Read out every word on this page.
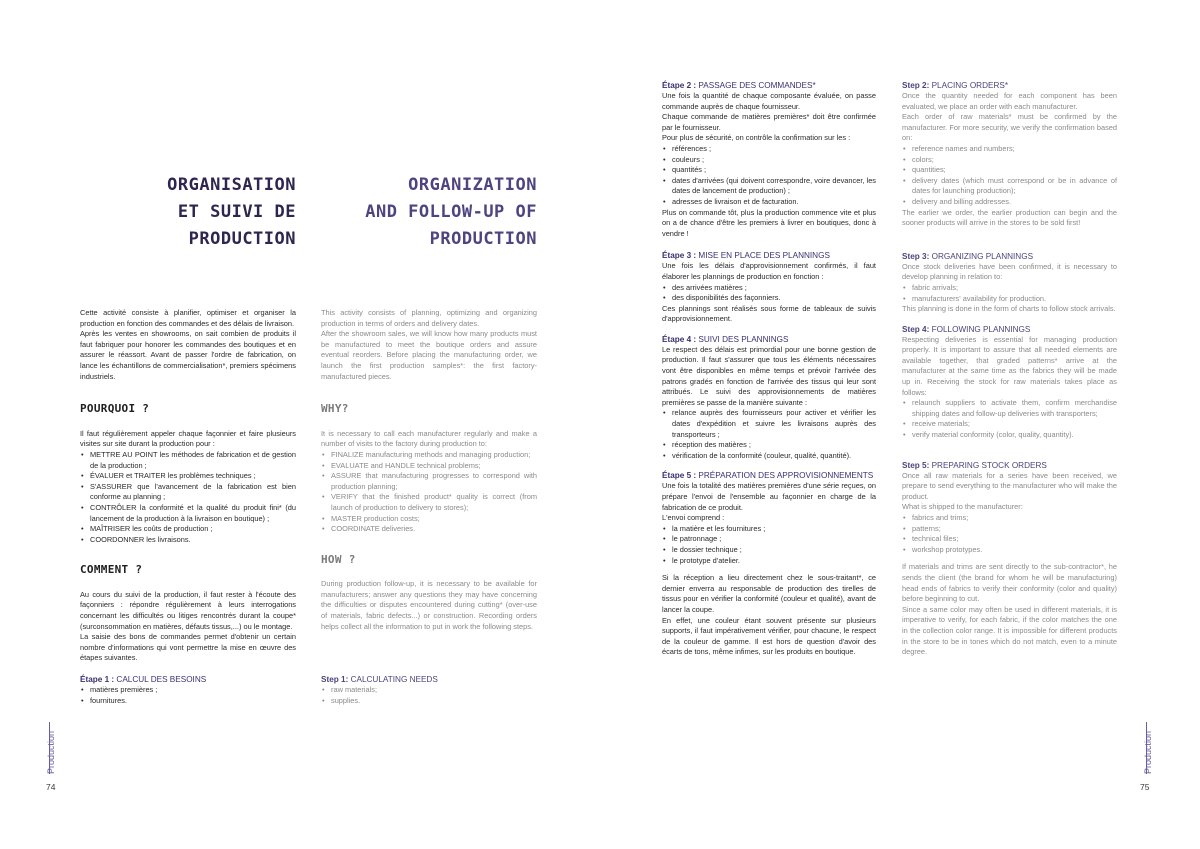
ORGANISATION
ET SUIVI DE
PRODUCTION
ORGANIZATION
AND FOLLOW-UP OF
PRODUCTION

Cette activité consiste à planifier, optimiser et organiser la production en fonction des commandes et des délais de livraison.

Après les ventes en showrooms, on sait combien de produits il faut fabriquer pour honorer les commandes des boutiques et en assurer le réassort. Avant de passer l'ordre de fabrication, on lance les échantillons de commercialisation*, premiers spécimens industriels.

POURQUOI ?

Il faut régulièrement appeler chaque façonnier et faire plusieurs visites sur site durant la production pour :

• METTRE AU POINT les méthodes de fabrication et de gestion de la production ;
• ÉVALUER et TRAITER les problèmes techniques ;
• S'ASSURER que l'avancement de la fabrication est bien conforme au planning ;
• CONTRÔLER la conformité et la qualité du produit fini* (du lancement de la production à la livraison en boutique) ;
• MAÎTRISER les coûts de production ;
• COORDONNER les livraisons.
COMMENT ?

Au cours du suivi de la production, il faut rester à l'écoute des façonniers : répondre régulièrement à leurs interrogations concernant les difficultés ou litiges rencontrés durant la coupe* (surconsommation en matières, défauts tissus,...) ou le montage.

La saisie des bons de commandes permet d'obtenir un certain nombre d'informations qui vont permettre la mise en œuvre des étapes suivantes.

Étape 1 : CALCUL DES BESOINS
• matières premières ;
• fournitures.

This activity consists of planning, optimizing and organizing production in terms of orders and delivery dates.

After the showroom sales, we will know how many products must be manufactured to meet the boutique orders and assure eventual reorders. Before placing the manufacturing order, we launch the first production samples*: the first factory-manufactured pieces.

WHY?

It is necessary to call each manufacturer regularly and make a number of visits to the factory during production to:

• FINALIZE manufacturing methods and managing production;
• EVALUATE and HANDLE technical problems;
• ASSURE that manufacturing progresses to correspond with production planning;
• VERIFY that the finished product* quality is correct (from launch of production to delivery to stores);
• MASTER production costs;
• COORDINATE deliveries.
HOW ?

During production follow-up, it is necessary to be available for manufacturers; answer any questions they may have concerning the difficulties or disputes encountered during cutting* (over-use of materials, fabric defects...) or construction. Recording orders helps collect all the information to put in work the following steps.

Step 1: CALCULATING NEEDS
• raw materials;
• supplies.
Production
74
Étape 2 : PASSAGE DES COMMANDES*

Une fois la quantité de chaque composante évaluée, on passe commande auprès de chaque fournisseur.

Chaque commande de matières premières* doit être confirmée par le fournisseur.

Pour plus de sécurité, on contrôle la confirmation sur les :

• références ;
• couleurs ;
• quantités ;
• dates d'arrivées (qui doivent correspondre, voire devancer, les dates de lancement de production) ;
• adresses de livraison et de facturation.

Plus on commande tôt, plus la production commence vite et plus on a de chance d'être les premiers à livrer en boutiques, donc à vendre !

Étape 3 : MISE EN PLACE DES PLANNINGS

Une fois les délais d'approvisionnement confirmés, il faut élaborer les plannings de production en fonction :

• des arrivées matières ;
• des disponibilités des façonniers.

Ces plannings sont réalisés sous forme de tableaux de suivis d'approvisionnement.

Étape 4 : SUIVI DES PLANNINGS

Le respect des délais est primordial pour une bonne gestion de production. Il faut s'assurer que tous les éléments nécessaires vont être disponibles en même temps et prévoir l'arrivée des patrons gradés en fonction de l'arrivée des tissus qui leur sont attribués. Le suivi des approvisionnements de matières premières se passe de la manière suivante :

• relance auprès des fournisseurs pour activer et vérifier les dates d'expédition et suivre les livraisons auprès des transporteurs ;
• réception des matières ;
• vérification de la conformité (couleur, qualité, quantité).
Étape 5 : PRÉPARATION DES APPROVISIONNEMENTS

Une fois la totalité des matières premières d'une série reçues, on prépare l'envoi de l'ensemble au façonnier en charge de la fabrication de ce produit.

L'envoi comprend :

• la matière et les fournitures ;
• le patronnage ;
• le dossier technique ;
• le prototype d'atelier.

Si la réception a lieu directement chez le sous-traitant*, ce dernier enverra au responsable de production des tirelles de tissus pour en vérifier la conformité (couleur et qualité), avant de lancer la coupe.

En effet, une couleur étant souvent présente sur plusieurs supports, il faut impérativement vérifier, pour chacune, le respect de la couleur de gamme. Il est hors de question d'avoir des écarts de tons, même infimes, sur les produits en boutique.

Step 2: PLACING ORDERS*

Once the quantity needed for each component has been evaluated, we place an order with each manufacturer.

Each order of raw materials* must be confirmed by the manufacturer. For more security, we verify the confirmation based on:

• reference names and numbers;
• colors;
• quantities;
• delivery dates (which must correspond or be in advance of dates for launching production);
• delivery and billing addresses.

The earlier we order, the earlier production can begin and the sooner products will arrive in the stores to be sold first!

Step 3: ORGANIZING PLANNINGS

Once stock deliveries have been confirmed, it is necessary to develop planning in relation to:

• fabric arrivals;
• manufacturers' availability for production.

This planning is done in the form of charts to follow stock arrivals.

Step 4: FOLLOWING PLANNINGS

Respecting deliveries is essential for managing production properly. It is important to assure that all needed elements are available together, that graded patterns* arrive at the manufacturer at the same time as the fabrics they will be made up in. Receiving the stock for raw materials takes place as follows:

• relaunch suppliers to activate them, confirm merchandise shipping dates and follow-up deliveries with transporters;
• receive materials;
• verify material conformity (color, quality, quantity).
Step 5: PREPARING STOCK ORDERS

Once all raw materials for a series have been received, we prepare to send everything to the manufacturer who will make the product.

What is shipped to the manufacturer:

• fabrics and trims;
• patterns;
• technical files;
• workshop prototypes.

If materials and trims are sent directly to the sub-contractor*, he sends the client (the brand for whom he will be manufacturing) head ends of fabrics to verify their conformity (color and quality) before beginning to cut.

Since a same color may often be used in different materials, it is imperative to verify, for each fabric, if the color matches the one in the collection color range. It is impossible for different products in the store to be in tones which do not match, even to a minute degree.

Production
75
